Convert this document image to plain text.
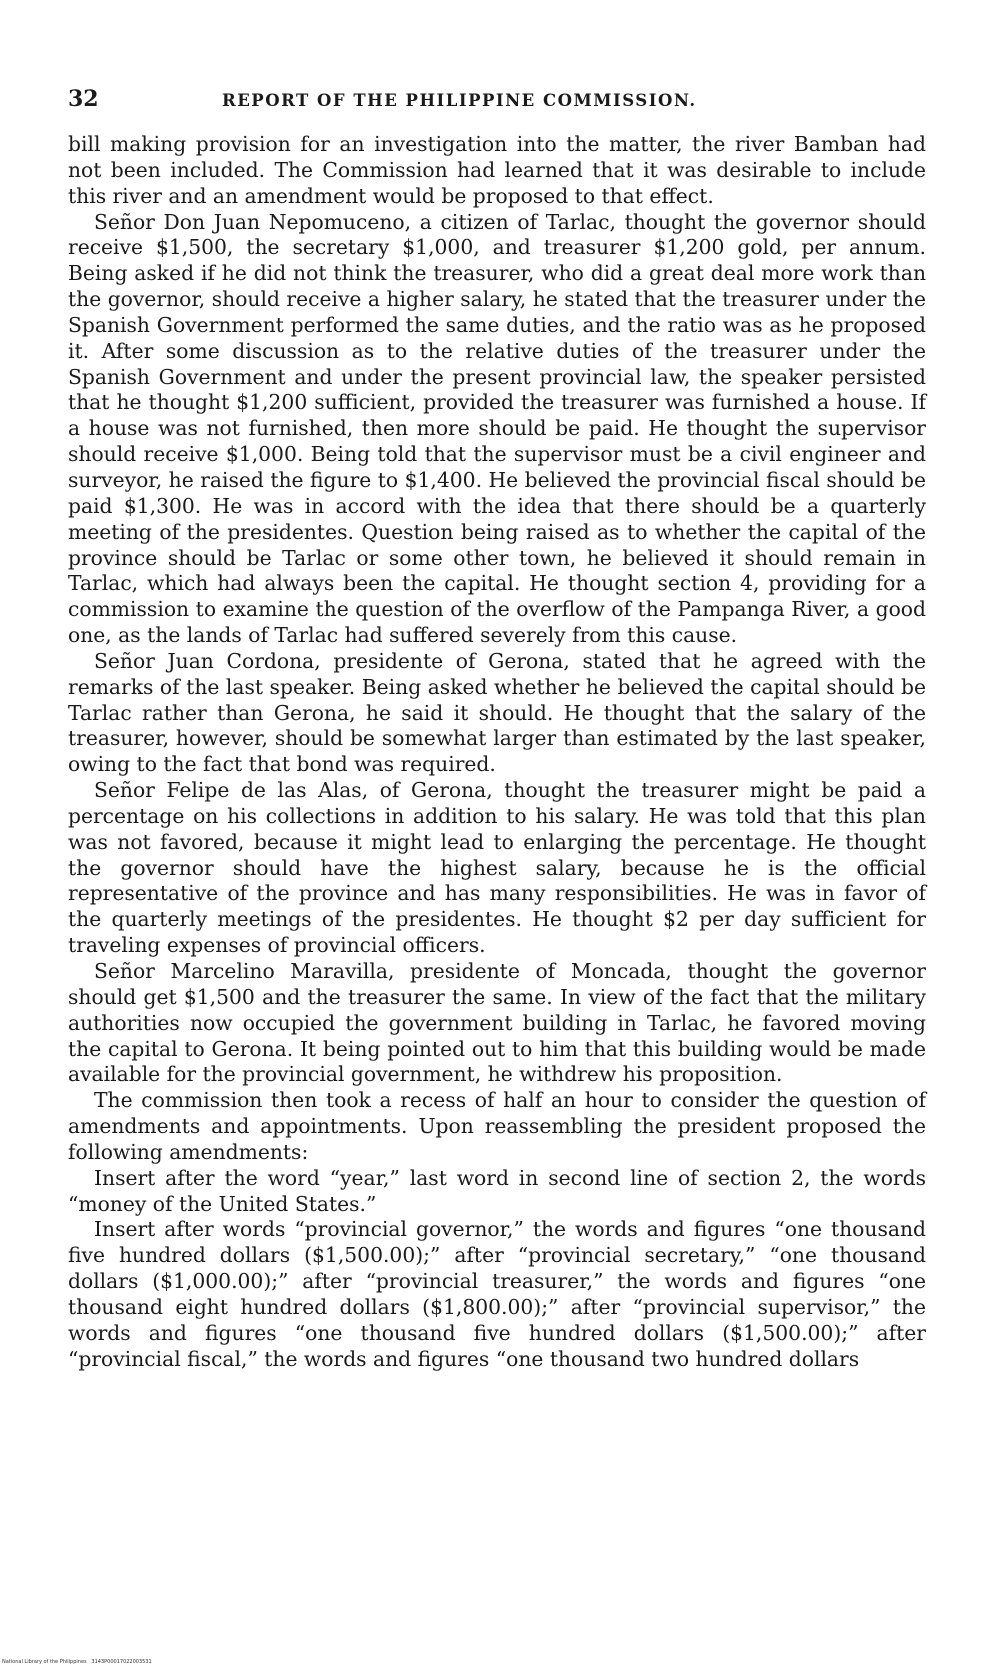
32	REPORT OF THE PHILIPPINE COMMISSION.

bill making provision for an investigation into the matter, the river Bamban had not been included. The Commission had learned that it was desirable to include this river and an amendment would be proposed to that effect.

Señor Don Juan Nepomuceno, a citizen of Tarlac, thought the governor should receive $1,500, the secretary $1,000, and treasurer $1,200 gold, per annum. Being asked if he did not think the treasurer, who did a great deal more work than the governor, should receive a higher salary, he stated that the treasurer under the Spanish Government performed the same duties, and the ratio was as he proposed it. After some discussion as to the relative duties of the treasurer under the Spanish Government and under the present provincial law, the speaker persisted that he thought $1,200 sufficient, provided the treasurer was furnished a house. If a house was not furnished, then more should be paid. He thought the supervisor should receive $1,000. Being told that the supervisor must be a civil engineer and surveyor, he raised the figure to $1,400. He believed the provincial fiscal should be paid $1,300. He was in accord with the idea that there should be a quarterly meeting of the presidentes. Question being raised as to whether the capital of the province should be Tarlac or some other town, he believed it should remain in Tarlac, which had always been the capital. He thought section 4, providing for a commission to examine the question of the overflow of the Pampanga River, a good one, as the lands of Tarlac had suffered severely from this cause.

Señor Juan Cordona, presidente of Gerona, stated that he agreed with the remarks of the last speaker. Being asked whether he believed the capital should be Tarlac rather than Gerona, he said it should. He thought that the salary of the treasurer, however, should be somewhat larger than estimated by the last speaker, owing to the fact that bond was required.

Señor Felipe de las Alas, of Gerona, thought the treasurer might be paid a percentage on his collections in addition to his salary. He was told that this plan was not favored, because it might lead to enlarging the percentage. He thought the governor should have the highest salary, because he is the official representative of the province and has many responsibilities. He was in favor of the quarterly meetings of the presidentes. He thought $2 per day sufficient for traveling expenses of provincial officers.

Señor Marcelino Maravilla, presidente of Moncada, thought the governor should get $1,500 and the treasurer the same. In view of the fact that the military authorities now occupied the government building in Tarlac, he favored moving the capital to Gerona. It being pointed out to him that this building would be made available for the provincial government, he withdrew his proposition.

The commission then took a recess of half an hour to consider the question of amendments and appointments. Upon reassembling the president proposed the following amendments:

Insert after the word “year,” last word in second line of section 2, the words “money of the United States.”

Insert after words “provincial governor,” the words and figures “one thousand five hundred dollars ($1,500.00);” after “provincial secretary,” “one thousand dollars ($1,000.00);” after “provincial treasurer,” the words and figures “one thousand eight hundred dollars ($1,800.00);” after “provincial supervisor,” the words and figures “one thousand five hundred dollars ($1,500.00);” after “provincial fiscal,” the words and figures “one thousand two hundred dollars

National Library of the Philippines 3143P00017022003531
